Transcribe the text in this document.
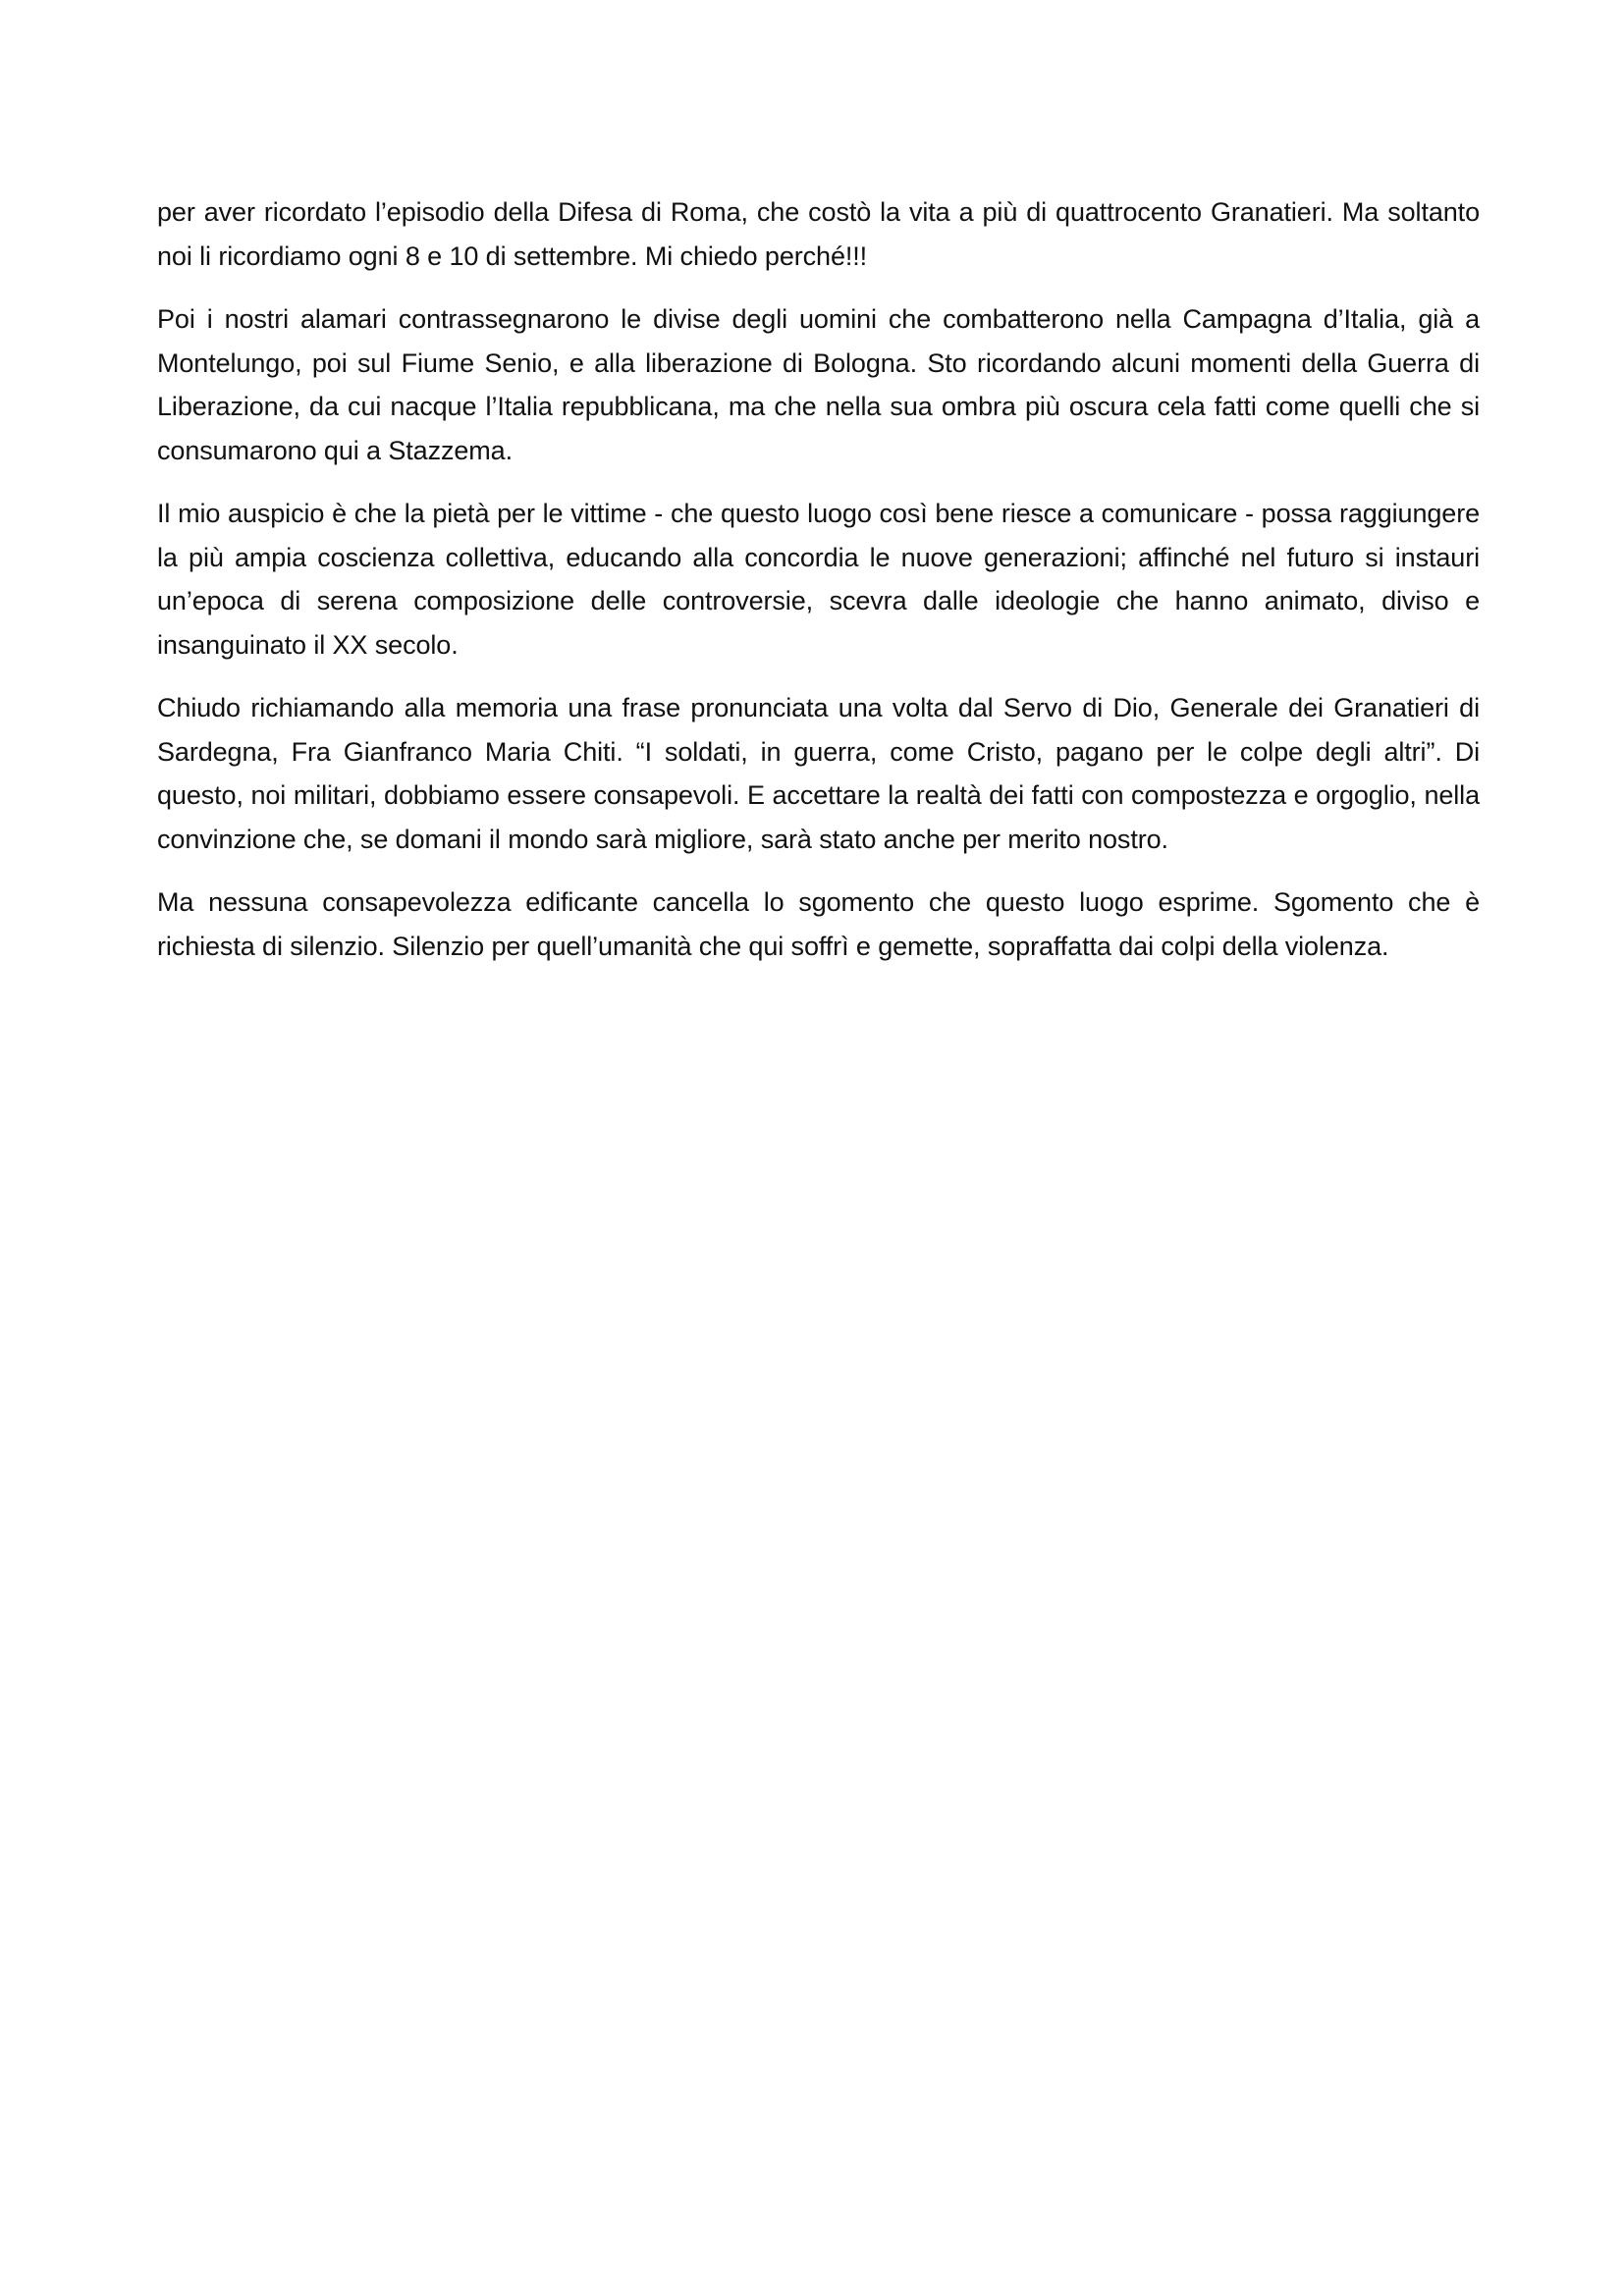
per aver ricordato l’episodio della Difesa di Roma, che costò la vita a più di quattrocento Granatieri. Ma soltanto noi li ricordiamo ogni 8 e 10 di settembre. Mi chiedo perché!!!

Poi i nostri alamari contrassegnarono le divise degli uomini che combatterono nella Campagna d’Italia, già a Montelungo, poi sul Fiume Senio, e alla liberazione di Bologna. Sto ricordando alcuni momenti della Guerra di Liberazione, da cui nacque l’Italia repubblicana, ma che nella sua ombra più oscura cela fatti come quelli che si consumarono qui a Stazzema.

Il mio auspicio è che la pietà per le vittime - che questo luogo così bene riesce a comunicare - possa raggiungere la più ampia coscienza collettiva, educando alla concordia le nuove generazioni; affinché nel futuro si instauri un’epoca di serena composizione delle controversie, scevra dalle ideologie che hanno animato, diviso e insanguinato il XX secolo.

Chiudo richiamando alla memoria una frase pronunciata una volta dal Servo di Dio, Generale dei Granatieri di Sardegna, Fra Gianfranco Maria Chiti. “I soldati, in guerra, come Cristo, pagano per le colpe degli altri”. Di questo, noi militari, dobbiamo essere consapevoli. E accettare la realtà dei fatti con compostezza e orgoglio, nella convinzione che, se domani il mondo sarà migliore, sarà stato anche per merito nostro.

Ma nessuna consapevolezza edificante cancella lo sgomento che questo luogo esprime. Sgomento che è richiesta di silenzio. Silenzio per quell’umanità che qui soffrì e gemette, sopraffatta dai colpi della violenza.
